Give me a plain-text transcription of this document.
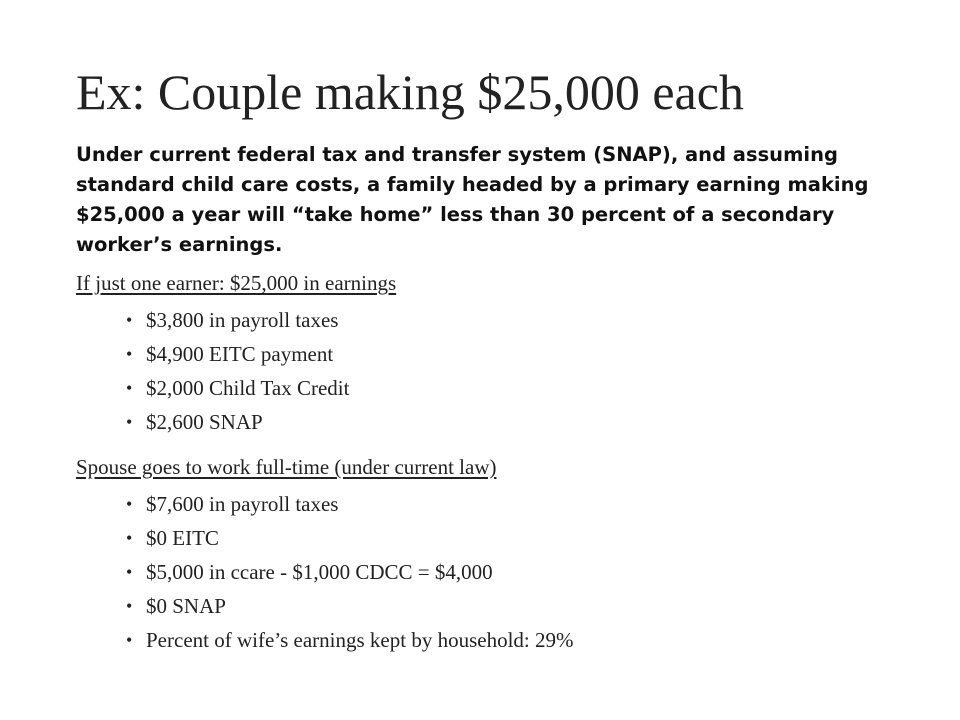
Ex: Couple making $25,000 each

Under current federal tax and transfer system (SNAP), and assuming standard child care costs, a family headed by a primary earning making $25,000 a year will “take home” less than 30 percent of a secondary worker’s earnings.

If just one earner: $25,000 in earnings
• $3,800 in payroll taxes
• $4,900 EITC payment
• $2,000 Child Tax Credit
• $2,600 SNAP
Spouse goes to work full-time (under current law)
• $7,600 in payroll taxes
• $0 EITC
• $5,000 in ccare - $1,000 CDCC = $4,000
• $0 SNAP
• Percent of wife’s earnings kept by household: 29%
